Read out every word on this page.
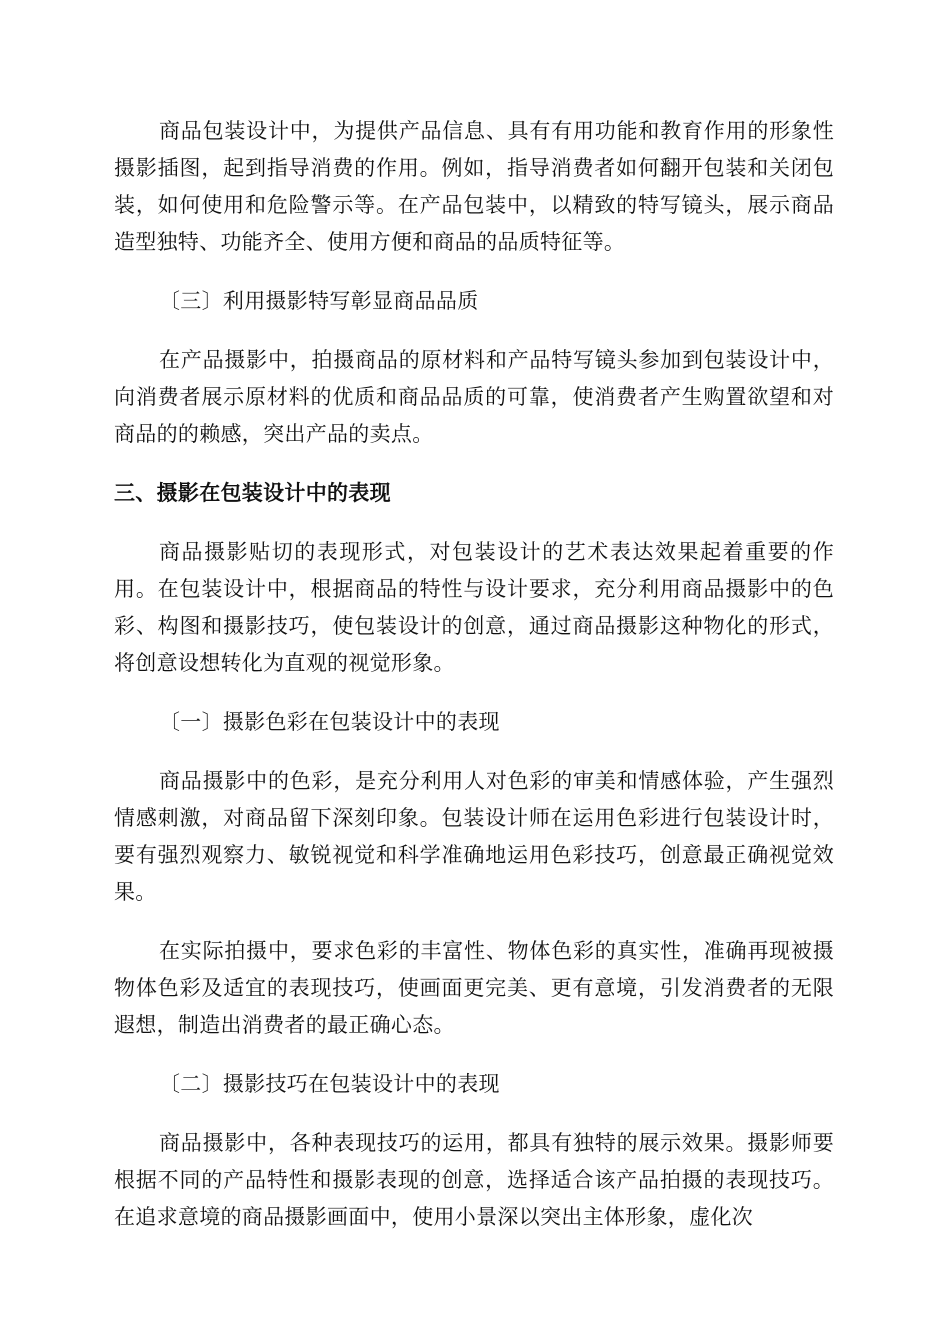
商品包装设计中，为提供产品信息、具有有用功能和教育作用的形象性摄影插图，起到指导消费的作用。例如，指导消费者如何翻开包装和关闭包装，如何使用和危险警示等。在产品包装中，以精致的特写镜头，展示商品造型独特、功能齐全、使用方便和商品的品质特征等。

〔三〕利用摄影特写彰显商品品质

在产品摄影中，拍摄商品的原材料和产品特写镜头参加到包装设计中，向消费者展示原材料的优质和商品品质的可靠，使消费者产生购置欲望和对商品的的赖感，突出产品的卖点。

三、摄影在包装设计中的表现

商品摄影贴切的表现形式，对包装设计的艺术表达效果起着重要的作用。在包装设计中，根据商品的特性与设计要求，充分利用商品摄影中的色彩、构图和摄影技巧，使包装设计的创意，通过商品摄影这种物化的形式，将创意设想转化为直观的视觉形象。

〔一〕摄影色彩在包装设计中的表现

商品摄影中的色彩，是充分利用人对色彩的审美和情感体验，产生强烈情感刺激，对商品留下深刻印象。包装设计师在运用色彩进行包装设计时，要有强烈观察力、敏锐视觉和科学准确地运用色彩技巧，创意最正确视觉效果。

在实际拍摄中，要求色彩的丰富性、物体色彩的真实性，准确再现被摄物体色彩及适宜的表现技巧，使画面更完美、更有意境，引发消费者的无限遐想，制造出消费者的最正确心态。

〔二〕摄影技巧在包装设计中的表现

商品摄影中，各种表现技巧的运用，都具有独特的展示效果。摄影师要根据不同的产品特性和摄影表现的创意，选择适合该产品拍摄的表现技巧。在追求意境的商品摄影画面中，使用小景深以突出主体形象，虚化次
